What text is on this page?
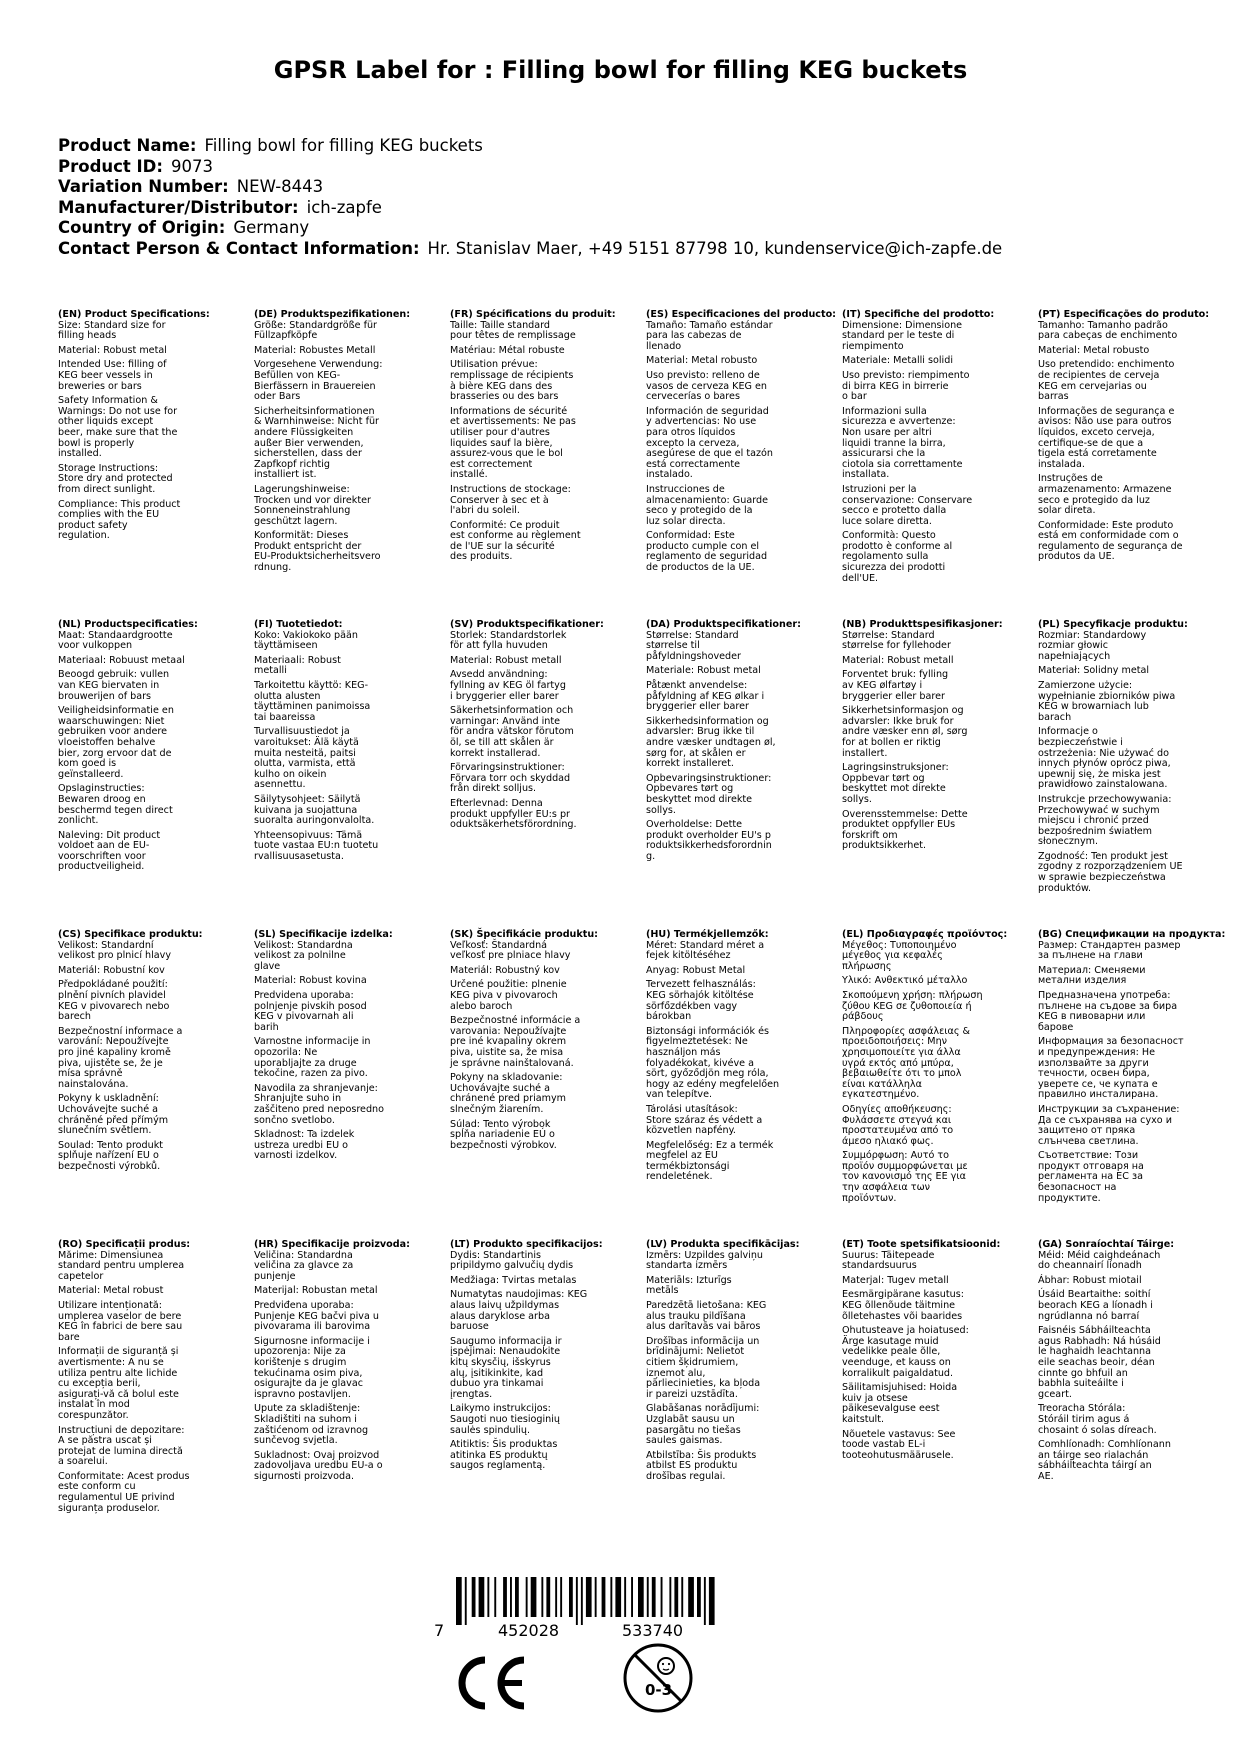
GPSR Label for : Filling bowl for filling KEG buckets
Product Name: Filling bowl for filling KEG buckets
Product ID: 9073
Variation Number: NEW-8443
Manufacturer/Distributor: ich-zapfe
Country of Origin: Germany
Contact Person & Contact Information: Hr. Stanislav Maer, +49 5151 87798 10, kundenservice@ich-zapfe.de
(EN) Product Specifications:
Size: Standard size for
filling heads
Material: Robust metal
Intended Use: filling of
KEG beer vessels in
breweries or bars
Safety Information &
Warnings: Do not use for
other liquids except
beer, make sure that the
bowl is properly
installed.
Storage Instructions:
Store dry and protected
from direct sunlight.
Compliance: This product
complies with the EU
product safety
regulation.
(DE) Produktspezifikationen:
Größe: Standardgröße für
Füllzapfköpfe
Material: Robustes Metall
Vorgesehene Verwendung:
Befüllen von KEG-
Bierfässern in Brauereien
oder Bars
Sicherheitsinformationen
& Warnhinweise: Nicht für
andere Flüssigkeiten
außer Bier verwenden,
sicherstellen, dass der
Zapfkopf richtig
installiert ist.
Lagerungshinweise:
Trocken und vor direkter
Sonneneinstrahlung
geschützt lagern.
Konformität: Dieses
Produkt entspricht der
EU-Produktsicherheitsvero
rdnung.
(FR) Spécifications du produit:
Taille: Taille standard
pour têtes de remplissage
Matériau: Métal robuste
Utilisation prévue:
remplissage de récipients
à bière KEG dans des
brasseries ou des bars
Informations de sécurité
et avertissements: Ne pas
utiliser pour d'autres
liquides sauf la bière,
assurez-vous que le bol
est correctement
installé.
Instructions de stockage:
Conserver à sec et à
l'abri du soleil.
Conformité: Ce produit
est conforme au règlement
de l'UE sur la sécurité
des produits.
(ES) Especificaciones del producto:
Tamaño: Tamaño estándar
para las cabezas de
llenado
Material: Metal robusto
Uso previsto: relleno de
vasos de cerveza KEG en
cervecerías o bares
Información de seguridad
y advertencias: No use
para otros líquidos
excepto la cerveza,
asegúrese de que el tazón
está correctamente
instalado.
Instrucciones de
almacenamiento: Guarde
seco y protegido de la
luz solar directa.
Conformidad: Este
producto cumple con el
reglamento de seguridad
de productos de la UE.
(IT) Specifiche del prodotto:
Dimensione: Dimensione
standard per le teste di
riempimento
Materiale: Metalli solidi
Uso previsto: riempimento
di birra KEG in birrerie
o bar
Informazioni sulla
sicurezza e avvertenze:
Non usare per altri
liquidi tranne la birra,
assicurarsi che la
ciotola sia correttamente
installata.
Istruzioni per la
conservazione: Conservare
secco e protetto dalla
luce solare diretta.
Conformità: Questo
prodotto è conforme al
regolamento sulla
sicurezza dei prodotti
dell'UE.
(PT) Especificações do produto:
Tamanho: Tamanho padrão
para cabeças de enchimento
Material: Metal robusto
Uso pretendido: enchimento
de recipientes de cerveja
KEG em cervejarias ou
barras
Informações de segurança e
avisos: Não use para outros
líquidos, exceto cerveja,
certifique-se de que a
tigela está corretamente
instalada.
Instruções de
armazenamento: Armazene
seco e protegido da luz
solar direta.
Conformidade: Este produto
está em conformidade com o
regulamento de segurança de
produtos da UE.
(NL) Productspecificaties:
Maat: Standaardgrootte
voor vulkoppen
Materiaal: Robuust metaal
Beoogd gebruik: vullen
van KEG biervaten in
brouwerijen of bars
Veiligheidsinformatie en
waarschuwingen: Niet
gebruiken voor andere
vloeistoffen behalve
bier, zorg ervoor dat de
kom goed is
geïnstalleerd.
Opslaginstructies:
Bewaren droog en
beschermd tegen direct
zonlicht.
Naleving: Dit product
voldoet aan de EU-
voorschriften voor
productveiligheid.
(FI) Tuotetiedot:
Koko: Vakiokoko pään
täyttämiseen
Materiaali: Robust
metalli
Tarkoitettu käyttö: KEG-
olutta alusten
täyttäminen panimoissa
tai baareissa
Turvallisuustiedot ja
varoitukset: Älä käytä
muita nesteitä, paitsi
olutta, varmista, että
kulho on oikein
asennettu.
Säilytysohjeet: Säilytä
kuivana ja suojattuna
suoralta auringonvalolta.
Yhteensopivuus: Tämä
tuote vastaa EU:n tuotetu
rvallisuusasetusta.
(SV) Produktspecifikationer:
Storlek: Standardstorlek
för att fylla huvuden
Material: Robust metall
Avsedd användning:
fyllning av KEG öl fartyg
i bryggerier eller barer
Säkerhetsinformation och
varningar: Använd inte
för andra vätskor förutom
öl, se till att skålen är
korrekt installerad.
Förvaringsinstruktioner:
Förvara torr och skyddad
från direkt solljus.
Efterlevnad: Denna
produkt uppfyller EU:s pr
oduktsäkerhetsförordning.
(DA) Produktspecifikationer:
Størrelse: Standard
størrelse til
påfyldningshoveder
Materiale: Robust metal
Påtænkt anvendelse:
påfyldning af KEG ølkar i
bryggerier eller barer
Sikkerhedsinformation og
advarsler: Brug ikke til
andre væsker undtagen øl,
sørg for, at skålen er
korrekt installeret.
Opbevaringsinstruktioner:
Opbevares tørt og
beskyttet mod direkte
sollys.
Overholdelse: Dette
produkt overholder EU's p
roduktsikkerhedsforordnin
g.
(NB) Produkttspesifikasjoner:
Størrelse: Standard
størrelse for fyllehoder
Material: Robust metall
Forventet bruk: fylling
av KEG ølfartøy i
bryggerier eller barer
Sikkerhetsinformasjon og
advarsler: Ikke bruk for
andre væsker enn øl, sørg
for at bollen er riktig
installert.
Lagringsinstruksjoner:
Oppbevar tørt og
beskyttet mot direkte
sollys.
Overensstemmelse: Dette
produktet oppfyller EUs
forskrift om
produktsikkerhet.
(PL) Specyfikacje produktu:
Rozmiar: Standardowy
rozmiar głowic
napełniających
Materiał: Solidny metal
Zamierzone użycie:
wypełnianie zbiorników piwa
KEG w browarniach lub
barach
Informacje o
bezpieczeństwie i
ostrzeżenia: Nie używać do
innych płynów oprócz piwa,
upewnij się, że miska jest
prawidłowo zainstalowana.
Instrukcje przechowywania:
Przechowywać w suchym
miejscu i chronić przed
bezpośrednim światłem
słonecznym.
Zgodność: Ten produkt jest
zgodny z rozporządzeniem UE
w sprawie bezpieczeństwa
produktów.
(CS) Specifikace produktu:
Velikost: Standardní
velikost pro plnicí hlavy
Materiál: Robustní kov
Předpokládané použití:
plnění pivních plavidel
KEG v pivovarech nebo
barech
Bezpečnostní informace a
varování: Nepoužívejte
pro jiné kapaliny kromě
piva, ujistěte se, že je
mísa správně
nainstalována.
Pokyny k uskladnění:
Uchovávejte suché a
chráněné před přímým
slunečním světlem.
Soulad: Tento produkt
splňuje nařízení EU o
bezpečnosti výrobků.
(SL) Specifikacije izdelka:
Velikost: Standardna
velikost za polnilne
glave
Material: Robust kovina
Predvidena uporaba:
polnjenje pivskih posod
KEG v pivovarnah ali
barih
Varnostne informacije in
opozorila: Ne
uporabljajte za druge
tekočine, razen za pivo.
Navodila za shranjevanje:
Shranjujte suho in
zaščiteno pred neposredno
sončno svetlobo.
Skladnost: Ta izdelek
ustreza uredbi EU o
varnosti izdelkov.
(SK) Špecifikácie produktu:
Veľkosť: Štandardná
veľkosť pre plniace hlavy
Materiál: Robustný kov
Určené použitie: plnenie
KEG piva v pivovaroch
alebo baroch
Bezpečnostné informácie a
varovania: Nepoužívajte
pre iné kvapaliny okrem
piva, uistite sa, že misa
je správne nainštalovaná.
Pokyny na skladovanie:
Uchovávajte suché a
chránené pred priamym
slnečným žiarením.
Súlad: Tento výrobok
spĺňa nariadenie EÚ o
bezpečnosti výrobkov.
(HU) Termékjellemzők:
Méret: Standard méret a
fejek kitöltéséhez
Anyag: Robust Metal
Tervezett felhasználás:
KEG sörhajók kitöltése
sörfőzdékben vagy
bárokban
Biztonsági információk és
figyelmeztetések: Ne
használjon más
folyadékokat, kivéve a
sört, győződjön meg róla,
hogy az edény megfelelően
van telepítve.
Tárolási utasítások:
Store száraz és védett a
közvetlen napfény.
Megfelelőség: Ez a termék
megfelel az EU
termékbiztonsági
rendeletének.
(EL) Προδιαγραφές προϊόντος:
Μέγεθος: Τυποποιημένο
μέγεθος για κεφαλές
πλήρωσης
Υλικό: Ανθεκτικό μέταλλο
Σκοπούμενη χρήση: πλήρωση
ζύθου KEG σε ζυθοποιεία ή
ράβδους
Πληροφορίες ασφάλειας &
προειδοποιήσεις: Μην
χρησιμοποιείτε για άλλα
υγρά εκτός από μπύρα,
βεβαιωθείτε ότι το μπολ
είναι κατάλληλα
εγκατεστημένο.
Οδηγίες αποθήκευσης:
Φυλάσσετε στεγνά και
προστατευμένα από το
άμεσο ηλιακό φως.
Συμμόρφωση: Αυτό το
προϊόν συμμορφώνεται με
τον κανονισμό της ΕΕ για
την ασφάλεια των
προϊόντων.
(BG) Спецификации на продукта:
Размер: Стандартен размер
за пълнене на глави
Материал: Сменяеми
метални изделия
Предназначена употреба:
пълнене на съдове за бира
KEG в пивоварни или
барове
Информация за безопасност
и предупреждения: Не
използвайте за други
течности, освен бира,
уверете се, че купата е
правилно инсталирана.
Инструкции за съхранение:
Да се съхранява на сухо и
защитено от пряка
слънчева светлина.
Съответствие: Този
продукт отговаря на
регламента на ЕС за
безопасност на
продуктите.
(RO) Specificații produs:
Mărime: Dimensiunea
standard pentru umplerea
capetelor
Material: Metal robust
Utilizare intenționată:
umplerea vaselor de bere
KEG în fabrici de bere sau
bare
Informații de siguranță și
avertismente: A nu se
utiliza pentru alte lichide
cu excepția berii,
asigurați-vă că bolul este
instalat în mod
corespunzător.
Instrucțiuni de depozitare:
A se păstra uscat și
protejat de lumina directă
a soarelui.
Conformitate: Acest produs
este conform cu
regulamentul UE privind
siguranța produselor.
(HR) Specifikacije proizvoda:
Veličina: Standardna
veličina za glavce za
punjenje
Materijal: Robustan metal
Predviđena uporaba:
Punjenje KEG bačvi piva u
pivovarama ili barovima
Sigurnosne informacije i
upozorenja: Nije za
korištenje s drugim
tekućinama osim piva,
osigurajte da je glavac
ispravno postavljen.
Upute za skladištenje:
Skladištiti na suhom i
zaštićenom od izravnog
sunčevog svjetla.
Sukladnost: Ovaj proizvod
zadovoljava uredbu EU-a o
sigurnosti proizvoda.
(LT) Produkto specifikacijos:
Dydis: Standartinis
pripildymo galvučių dydis
Medžiaga: Tvirtas metalas
Numatytas naudojimas: KEG
alaus laivų užpildymas
alaus daryklose arba
baruose
Saugumo informacija ir
įspėjimai: Nenaudokite
kitų skysčių, išskyrus
alų, įsitikinkite, kad
dubuo yra tinkamai
įrengtas.
Laikymo instrukcijos:
Saugoti nuo tiesioginių
saulės spindulių.
Atitiktis: Šis produktas
atitinka ES produktų
saugos reglamentą.
(LV) Produkta specifikācijas:
Izmērs: Uzpildes galviņu
standarta izmērs
Materiāls: Izturīgs
metāls
Paredzētā lietošana: KEG
alus trauku pildīšana
alus darītavās vai bāros
Drošības informācija un
brīdinājumi: Nelietot
citiem šķidrumiem,
izņemot alu,
pārliecinieties, ka bļoda
ir pareizi uzstādīta.
Glabāšanas norādījumi:
Uzglabāt sausu un
pasargātu no tiešas
saules gaismas.
Atbilstība: Šis produkts
atbilst ES produktu
drošības regulai.
(ET) Toote spetsifikatsioonid:
Suurus: Täitepeade
standardsuurus
Materjal: Tugev metall
Eesmärgipärane kasutus:
KEG õllenõude täitmine
õlletehastes või baarides
Ohutusteave ja hoiatused:
Ärge kasutage muid
vedelikke peale õlle,
veenduge, et kauss on
korralikult paigaldatud.
Säilitamisjuhised: Hoida
kuiv ja otsese
päikesevalguse eest
kaitstult.
Nõuetele vastavus: See
toode vastab EL-i
tooteohutusmäärusele.
(GA) Sonraíochtaí Táirge:
Méid: Méid caighdeánach
do cheannairí líonadh
Ábhar: Robust miotail
Úsáid Beartaithe: soithí
beorach KEG a líonadh i
ngrúdlanna nó barraí
Faisnéis Sábháilteachta
agus Rabhadh: Ná húsáid
le haghaidh leachtanna
eile seachas beoir, déan
cinnte go bhfuil an
babhla suiteáilte i
gceart.
Treoracha Stórála:
Stóráil tirim agus á
chosaint ó solas díreach.
Comhlíonadh: Comhlíonann
an táirge seo rialachán
sábháilteachta táirgí an
AE.
7	452028	533740
0-3
